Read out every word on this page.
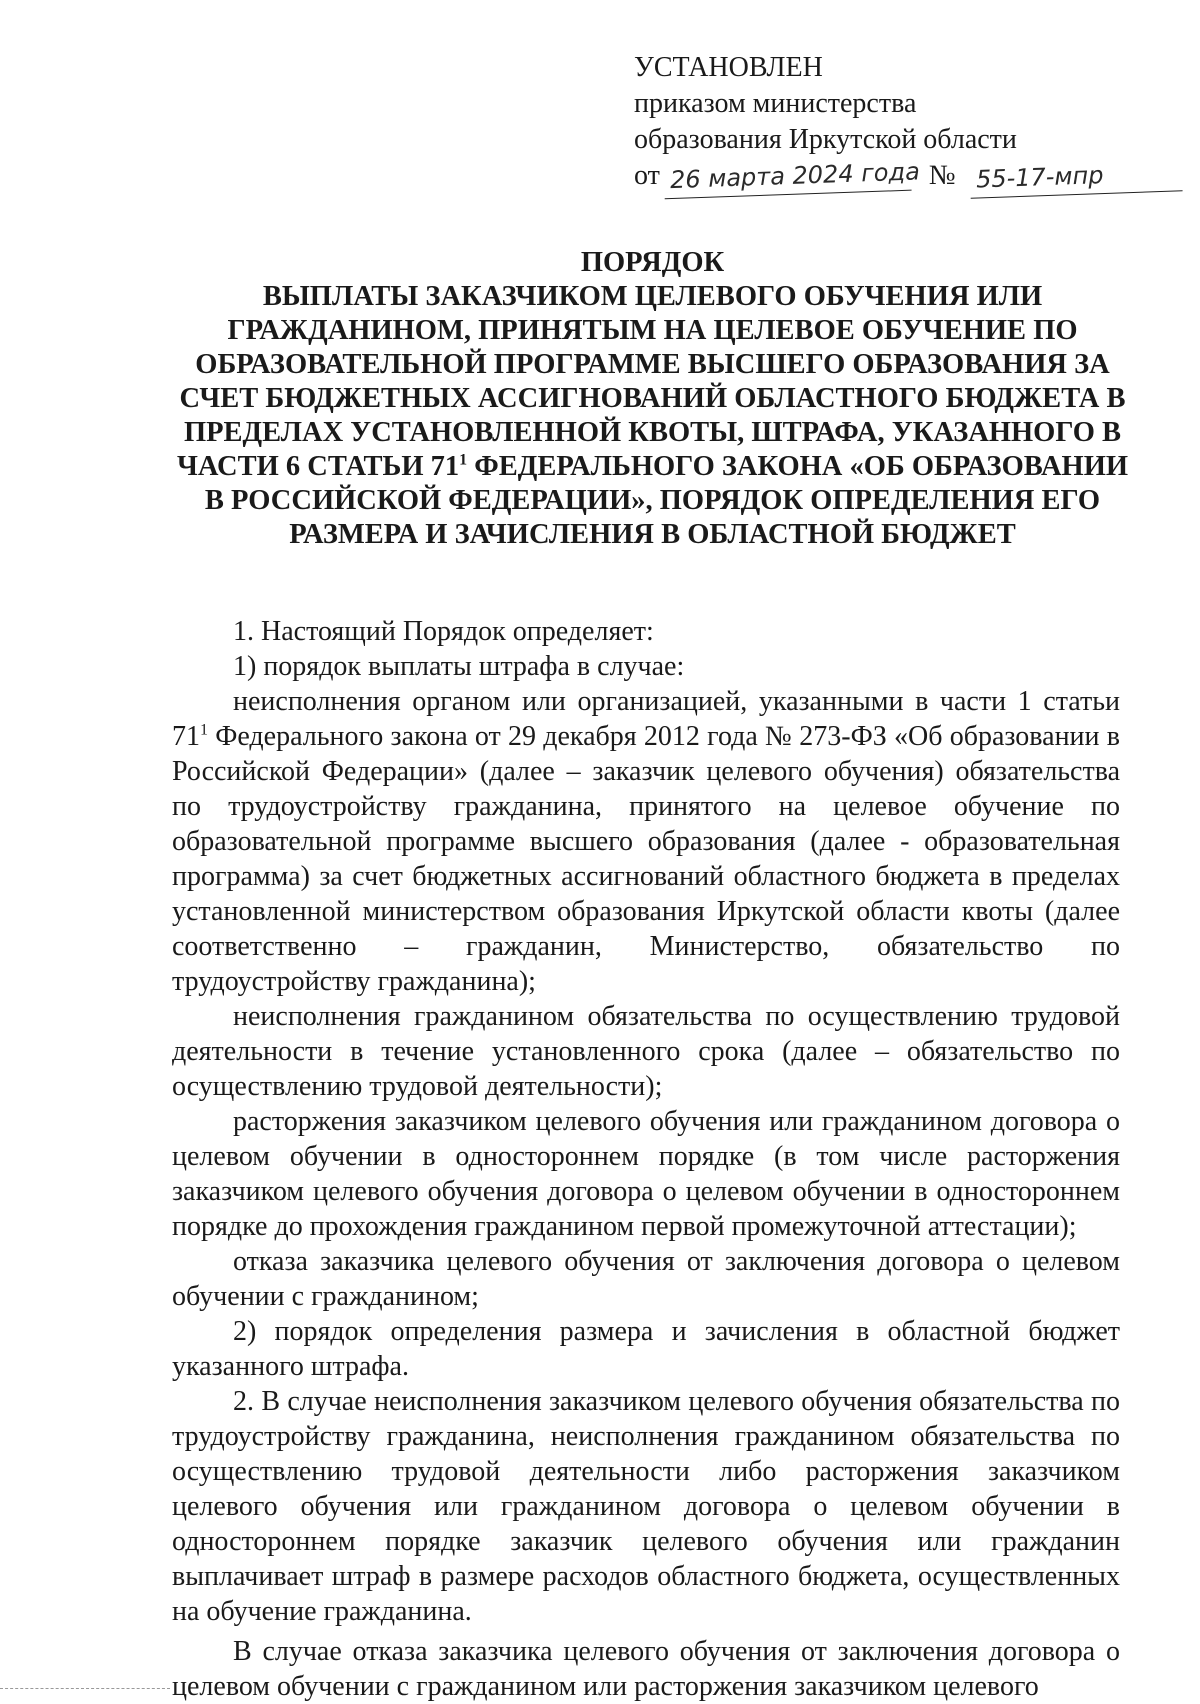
УСТАНОВЛЕН
приказом министерства
образования Иркутской области
от 26 марта 2024 года № 55-17-мпр
ПОРЯДОК
ВЫПЛАТЫ ЗАКАЗЧИКОМ ЦЕЛЕВОГО ОБУЧЕНИЯ ИЛИ ГРАЖДАНИНОМ, ПРИНЯТЫМ НА ЦЕЛЕВОЕ ОБУЧЕНИЕ ПО ОБРАЗОВАТЕЛЬНОЙ ПРОГРАММЕ ВЫСШЕГО ОБРАЗОВАНИЯ ЗА СЧЕТ БЮДЖЕТНЫХ АССИГНОВАНИЙ ОБЛАСТНОГО БЮДЖЕТА В ПРЕДЕЛАХ УСТАНОВЛЕННОЙ КВОТЫ, ШТРАФА, УКАЗАННОГО В ЧАСТИ 6 СТАТЬИ $71^1$ ФЕДЕРАЛЬНОГО ЗАКОНА «ОБ ОБРАЗОВАНИИ В РОССИЙСКОЙ ФЕДЕРАЦИИ», ПОРЯДОК ОПРЕДЕЛЕНИЯ ЕГО РАЗМЕРА И ЗАЧИСЛЕНИЯ В ОБЛАСТНОЙ БЮДЖЕТ

1. Настоящий Порядок определяет:

1) порядок выплаты штрафа в случае:

неисполнения органом или организацией, указанными в части 1 статьи $71^1$ Федерального закона от 29 декабря 2012 года № 273-ФЗ «Об образовании в Российской Федерации» (далее – заказчик целевого обучения) обязательства по трудоустройству гражданина, принятого на целевое обучение по образовательной программе высшего образования (далее - образовательная программа) за счет бюджетных ассигнований областного бюджета в пределах установленной министерством образования Иркутской области квоты (далее соответственно – гражданин, Министерство, обязательство по трудоустройству гражданина);

неисполнения гражданином обязательства по осуществлению трудовой деятельности в течение установленного срока (далее – обязательство по осуществлению трудовой деятельности);

расторжения заказчиком целевого обучения или гражданином договора о целевом обучении в одностороннем порядке (в том числе расторжения заказчиком целевого обучения договора о целевом обучении в одностороннем порядке до прохождения гражданином первой промежуточной аттестации);

отказа заказчика целевого обучения от заключения договора о целевом обучении с гражданином;

2) порядок определения размера и зачисления в областной бюджет указанного штрафа.

2. В случае неисполнения заказчиком целевого обучения обязательства по трудоустройству гражданина, неисполнения гражданином обязательства по осуществлению трудовой деятельности либо расторжения заказчиком целевого обучения или гражданином договора о целевом обучении в одностороннем порядке заказчик целевого обучения или гражданин выплачивает штраф в размере расходов областного бюджета, осуществленных на обучение гражданина.

В случае отказа заказчика целевого обучения от заключения договора о целевом обучении с гражданином или расторжения заказчиком целевого
